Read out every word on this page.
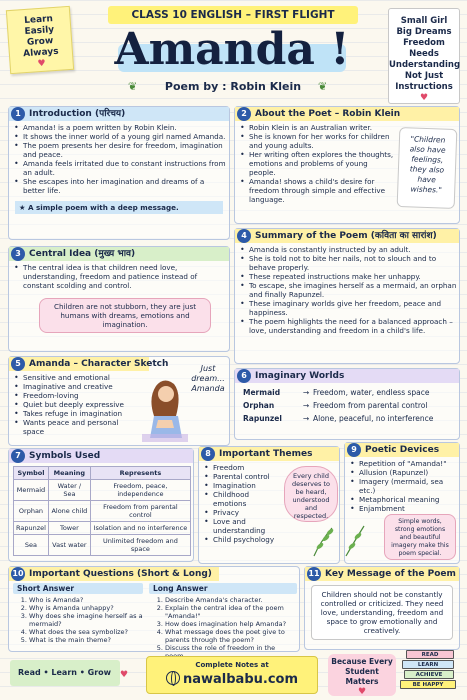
Learn
Easily
Grow
Always
♥
CLASS 10 ENGLISH – FIRST FLIGHT
Amanda !
❦	Poem by : Robin Klein	❦
Small Girl
Big Dreams
Freedom
Needs
Understanding
Not Just
Instructions
♥
1 Introduction (परिचय)
• Amanda! is a poem written by Robin Klein.
• It shows the inner world of a young girl named Amanda.
• The poem presents her desire for freedom, imagination and peace.
• Amanda feels irritated due to constant instructions from an adult.
• She escapes into her imagination and dreams of a better life.
★ A simple poem with a deep message.
2 About the Poet – Robin Klein
• Robin Klein is an Australian writer.
• She is known for her works for children and young adults.
• Her writing often explores the thoughts, emotions and problems of young people.
• Amanda! shows a child's desire for freedom through simple and effective language.
"Children also have feelings, they also have wishes."
3 Central Idea (मुख्य भाव)
• The central idea is that children need love, understanding, freedom and patience instead of constant scolding and control.
Children are not stubborn, they are just humans with dreams, emotions and imagination.
4 Summary of the Poem (कविता का सारांश)
• Amanda is constantly instructed by an adult.
• She is told not to bite her nails, not to slouch and to behave properly.
• These repeated instructions make her unhappy.
• To escape, she imagines herself as a mermaid, an orphan and finally Rapunzel.
• These imaginary worlds give her freedom, peace and happiness.
• The poem highlights the need for a balanced approach – love, understanding and freedom in a child's life.
5 Amanda – Character Sketch
• Sensitive and emotional
• Imaginative and creative
• Freedom-loving
• Quiet but deeply expressive
• Takes refuge in imagination
• Wants peace and personal space
Just dream... Amanda
6 Imaginary Worlds
Mermaid	→ Freedom, water, endless space
Orphan	→ Freedom from parental control
Rapunzel	→ Alone, peaceful, no interference
7 Symbols Used
Symbol	Meaning	Represents
Mermaid	Water / Sea	Freedom, peace, independence
Orphan	Alone child	Freedom from parental control
Rapunzel	Tower	Isolation and no interference
Sea	Vast water	Unlimited freedom and space
8 Important Themes
• Freedom
• Parental control
• Imagination
• Childhood emotions
• Privacy
• Love and understanding
• Child psychology
Every child deserves to be heard, understood and respected.
9 Poetic Devices
• Repetition of "Amanda!"
• Allusion (Rapunzel)
• Imagery (mermaid, sea etc.)
• Metaphorical meaning
• Enjambment
Simple words, strong emotions and beautiful imagery make this poem special.
10 Important Questions (Short & Long)
Short Answer
1. Who is Amanda?
2. Why is Amanda unhappy?
3. Why does she imagine herself as a mermaid?
4. What does the sea symbolize?
5. What is the main theme?
Long Answer
1. Describe Amanda's character.
2. Explain the central idea of the poem "Amanda!"
3. How does imagination help Amanda?
4. What message does the poet give to parents through the poem?
5. Discuss the role of freedom in the
11 Key Message of the Poem
Children should not be constantly controlled or criticized. They need love, understanding, freedom and space to grow emotionally and creatively.
Read • Learn • Grow ♥
Complete Notes at
nawalbabu.com
Because Every Student Matters
♥
READ
LEARN
ACHIEVE
BE HAPPY
